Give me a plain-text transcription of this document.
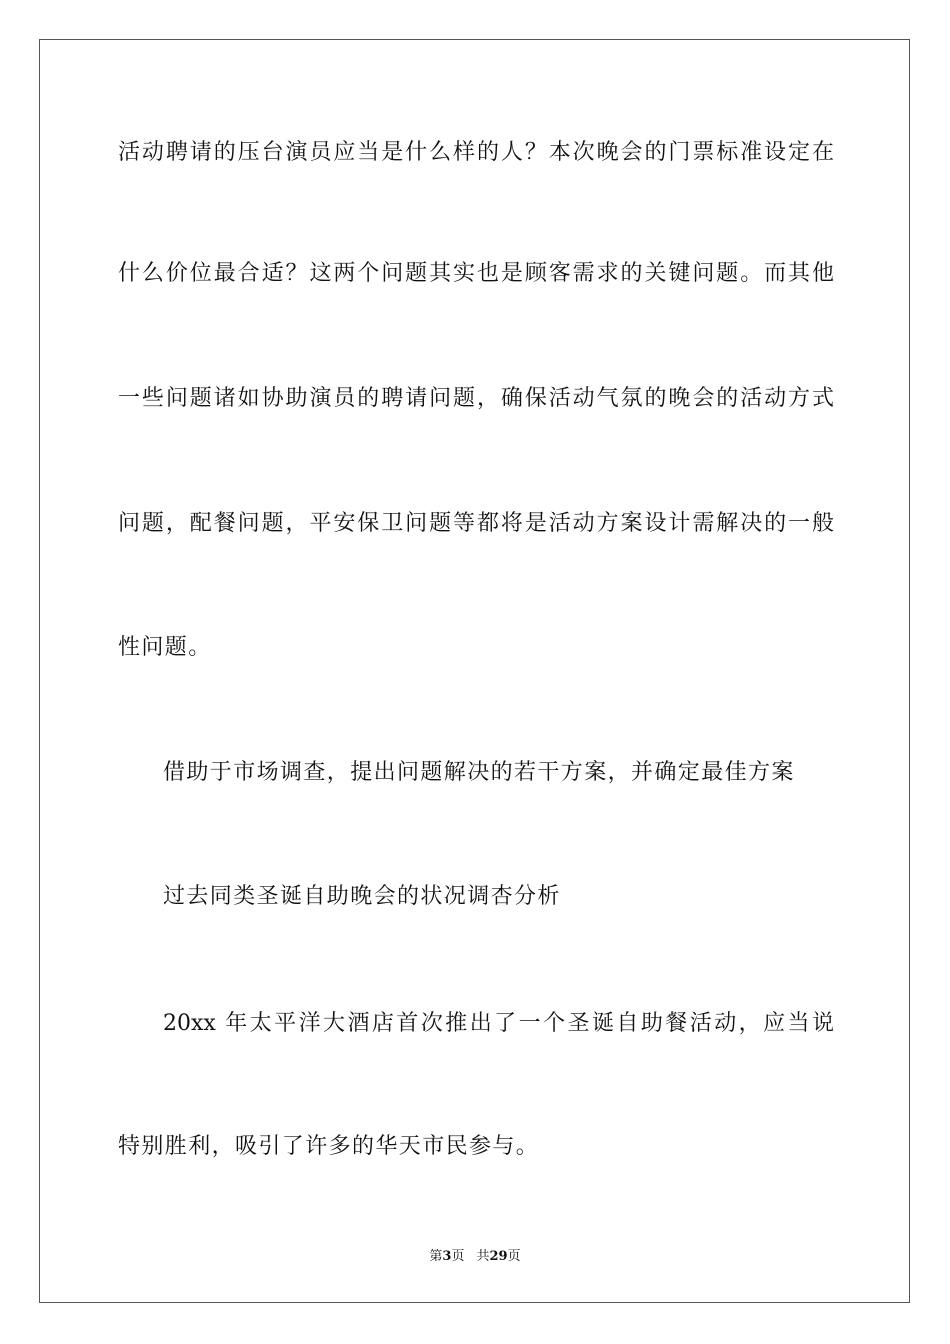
活动聘请的压台演员应当是什么样的人？本次晚会的门票标准设定在
什么价位最合适？这两个问题其实也是顾客需求的关键问题。而其他
一些问题诸如协助演员的聘请问题，确保活动气氛的晚会的活动方式
问题，配餐问题，平安保卫问题等都将是活动方案设计需解决的一般
性问题。
借助于市场调查，提出问题解决的若干方案，并确定最佳方案
过去同类圣诞自助晚会的状况调杏分析
20xx 年太平洋大酒店首次推出了一个圣诞自助餐活动，应当说
特别胜利，吸引了许多的华天市民参与。
第3页 共29页
